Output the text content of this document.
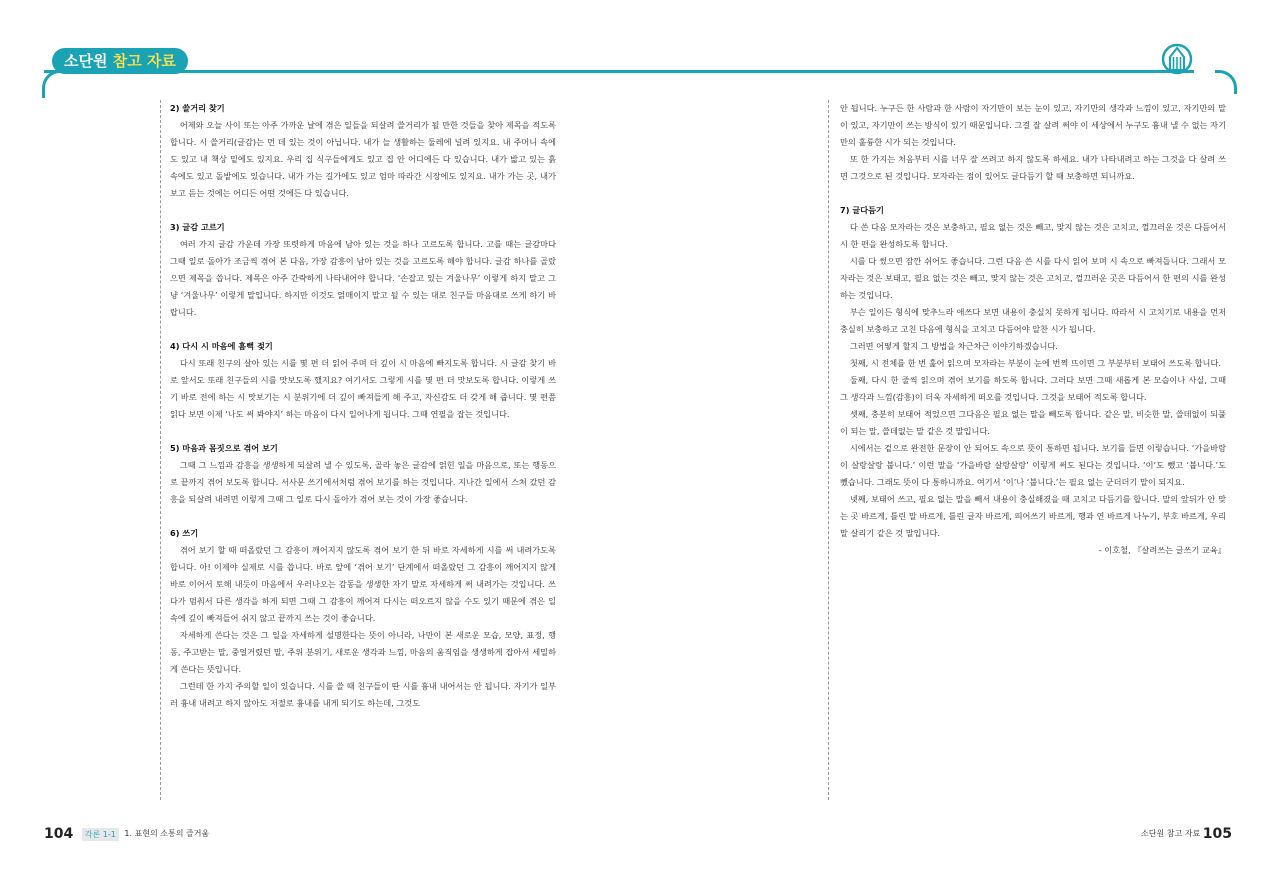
소단원 참고 자료
2) 쓸거리 찾기
어제와 오늘 사이 또는 아주 가까운 날에 겪은 일들을 되살려 쓸거리가 될 만한 것들을 찾아 제목을 적도록 합니다. 시 쓸거리(글감)는 먼 데 있는 것이 아닙니다. 내가 늘 생활하는 둘레에 널려 있지요. 내 주머니 속에도 있고 내 책상 밑에도 있지요. 우리 집 식구들에게도 있고 집 안 어디에든 다 있습니다. 내가 밟고 있는 흙 속에도 있고 돌밭에도 있습니다. 내가 가는 길가에도 있고 엄마 따라간 시장에도 있지요. 내가 가는 곳, 내가 보고 듣는 것에는 어디든 어떤 것에든 다 있습니다.
3) 글감 고르기
여러 가지 글감 가운데 가장 또렷하게 마음에 남아 있는 것을 하나 고르도록 합니다. 고를 때는 글감마다 그때 일로 돌아가 조금씩 겪어 본 다음, 가장 감흥이 남아 있는 것을 고르도록 해야 합니다. 글감 하나를 골랐으면 제목을 씁니다. 제목은 아주 간략하게 나타내어야 합니다. ‘손잡고 있는 겨울나무’ 이렇게 하지 말고 그냥 ‘겨울나무’ 이렇게 말입니다. 하지만 이것도 얽매이지 말고 될 수 있는 대로 친구들 마음대로 쓰게 하기 바랍니다.
4) 다시 시 마음에 흠뻑 젖기
다시 또래 친구의 살아 있는 시를 몇 편 더 읽어 주며 더 깊이 시 마음에 빠지도록 합니다. 시 글감 찾기 바로 앞서도 또래 친구들의 시를 맛보도록 했지요? 여기서도 그렇게 시를 몇 편 더 맛보도록 합니다. 이렇게 쓰기 바로 전에 하는 시 맛보기는 시 분위기에 더 깊이 빠져들게 해 주고, 자신감도 더 갖게 해 줍니다. 몇 편쯤 읽다 보면 이제 ‘나도 써 봐야지’ 하는 마음이 다시 일어나게 됩니다. 그때 연필을 잡는 것입니다.
5) 마음과 몸짓으로 겪어 보기
그때 그 느낌과 감흥을 생생하게 되살려 낼 수 있도록, 골라 놓은 글감에 얽힌 일을 마음으로, 또는 행동으로 끝까지 겪어 보도록 합니다. 서사문 쓰기에서처럼 겪어 보기를 하는 것입니다. 지나간 일에서 스쳐 갔던 감흥을 되살려 내려면 이렇게 그때 그 일로 다시 돌아가 겪어 보는 것이 가장 좋습니다.
6) 쓰기
겪어 보기 할 때 떠올랐던 그 감흥이 깨어지지 않도록 겪어 보기 한 뒤 바로 자세하게 시를 써 내려가도록 합니다. 아! 이제야 실제로 시를 씁니다. 바로 앞에 ‘겪어 보기’ 단계에서 떠올랐던 그 감흥이 깨어지지 않게 바로 이어서 토해 내듯이 마음에서 우러나오는 감동을 생생한 자기 말로 자세하게 써 내려가는 것입니다. 쓰다가 멈춰서 다른 생각을 하게 되면 그때 그 감흥이 깨어져 다시는 떠오르지 않을 수도 있기 때문에 겪은 일 속에 깊이 빠져들어 쉬지 않고 끝까지 쓰는 것이 좋습니다.
자세하게 쓴다는 것은 그 일을 자세하게 설명한다는 뜻이 아니라, 나만이 본 새로운 모습, 모양, 표정, 행동, 주고받는 말, 중얼거렸던 말, 주위 분위기, 새로운 생각과 느낌, 마음의 움직임을 생생하게 잡아서 세밀하게 쓴다는 뜻입니다.
그런데 한 가지 주의할 일이 있습니다. 시를 쓸 때 친구들이 딴 시를 흉내 내어서는 안 됩니다. 자기가 일부러 흉내 내려고 하지 않아도 저절로 흉내를 내게 되기도 하는데, 그것도
안 됩니다. 누구든 한 사람과 한 사람이 자기만이 보는 눈이 있고, 자기만의 생각과 느낌이 있고, 자기만의 말이 있고, 자기만이 쓰는 방식이 있기 때문입니다. 그걸 잘 살려 써야 이 세상에서 누구도 흉내 낼 수 없는 자기만의 훌륭한 시가 되는 것입니다.
또 한 가지는 처음부터 시를 너무 잘 쓰려고 하지 않도록 하세요. 내가 나타내려고 하는 그것을 다 살려 쓰면 그것으로 된 것입니다. 모자라는 점이 있어도 글다듬기 할 때 보충하면 되니까요.
7) 글다듬기
다 쓴 다음 모자라는 것은 보충하고, 필요 없는 것은 빼고, 맞지 않는 것은 고치고, 껄끄러운 것은 다듬어서 시 한 편을 완성하도록 합니다.
시를 다 썼으면 잠깐 쉬어도 좋습니다. 그런 다음 쓴 시를 다시 읽어 보며 시 속으로 빠져듭니다. 그래서 모자라는 것은 보태고, 필요 없는 것은 빼고, 맞지 않는 것은 고치고, 껄끄러운 곳은 다듬어서 한 편의 시를 완성하는 것입니다.
부슨 일이든 형식에 맞추느라 애쓰다 보면 내용이 충실치 못하게 됩니다. 따라서 시 고치기로 내용을 먼저 충실히 보충하고 고친 다음에 형식을 고치고 다듬어야 알찬 시가 됩니다.
그러면 어떻게 할지 그 방법을 차근차근 이야기하겠습니다.
첫째, 시 전체를 한 번 훑어 읽으며 모자라는 부분이 눈에 번쩍 뜨이면 그 부분부터 보태어 쓰도록 합니다.
둘째, 다시 한 줄씩 읽으며 겪어 보기를 하도록 합니다. 그러다 보면 그때 새롭게 본 모습이나 사실, 그때 그 생각과 느낌(감흥)이 더욱 자세하게 떠오를 것입니다. 그것을 보태어 적도록 합니다.
셋째, 충분히 보태어 적었으면 그다음은 필요 없는 말을 빼도록 합니다. 같은 말, 비슷한 말, 쓸데없이 되풀이 되는 말, 쓸데없는 말 같은 것 말입니다.
시에서는 겉으로 완전한 문장이 안 되어도 속으로 뜻이 통하면 됩니다. 보기를 들면 이렇습니다. ‘가을바람이 살랑살랑 붑니다.’ 이런 말을 ‘가을바람 살랑살랑’ 이렇게 써도 된다는 것입니다. ‘이’도 뺐고 ‘붑니다.’도 뺐습니다. 그래도 뜻이 다 통하니까요. 여기서 ‘이’나 ‘붑니다.’는 필요 없는 군더더기 말이 되지요.
넷째, 보태어 쓰고, 필요 없는 말을 빼서 내용이 충실해졌을 때 고치고 다듬기를 합니다. 말의 앞뒤가 안 맞는 곳 바르게, 틀린 말 바르게, 틀린 글자 바르게, 띄어쓰기 바르게, 행과 연 바르게 나누기, 부호 바르게, 우리말 살리기 같은 것 말입니다.
- 이호철, 『살려쓰는 글쓰기 교육』
104 각론 1-1 1. 표현의 소통의 즐거움	소단원 참고 자료 105
